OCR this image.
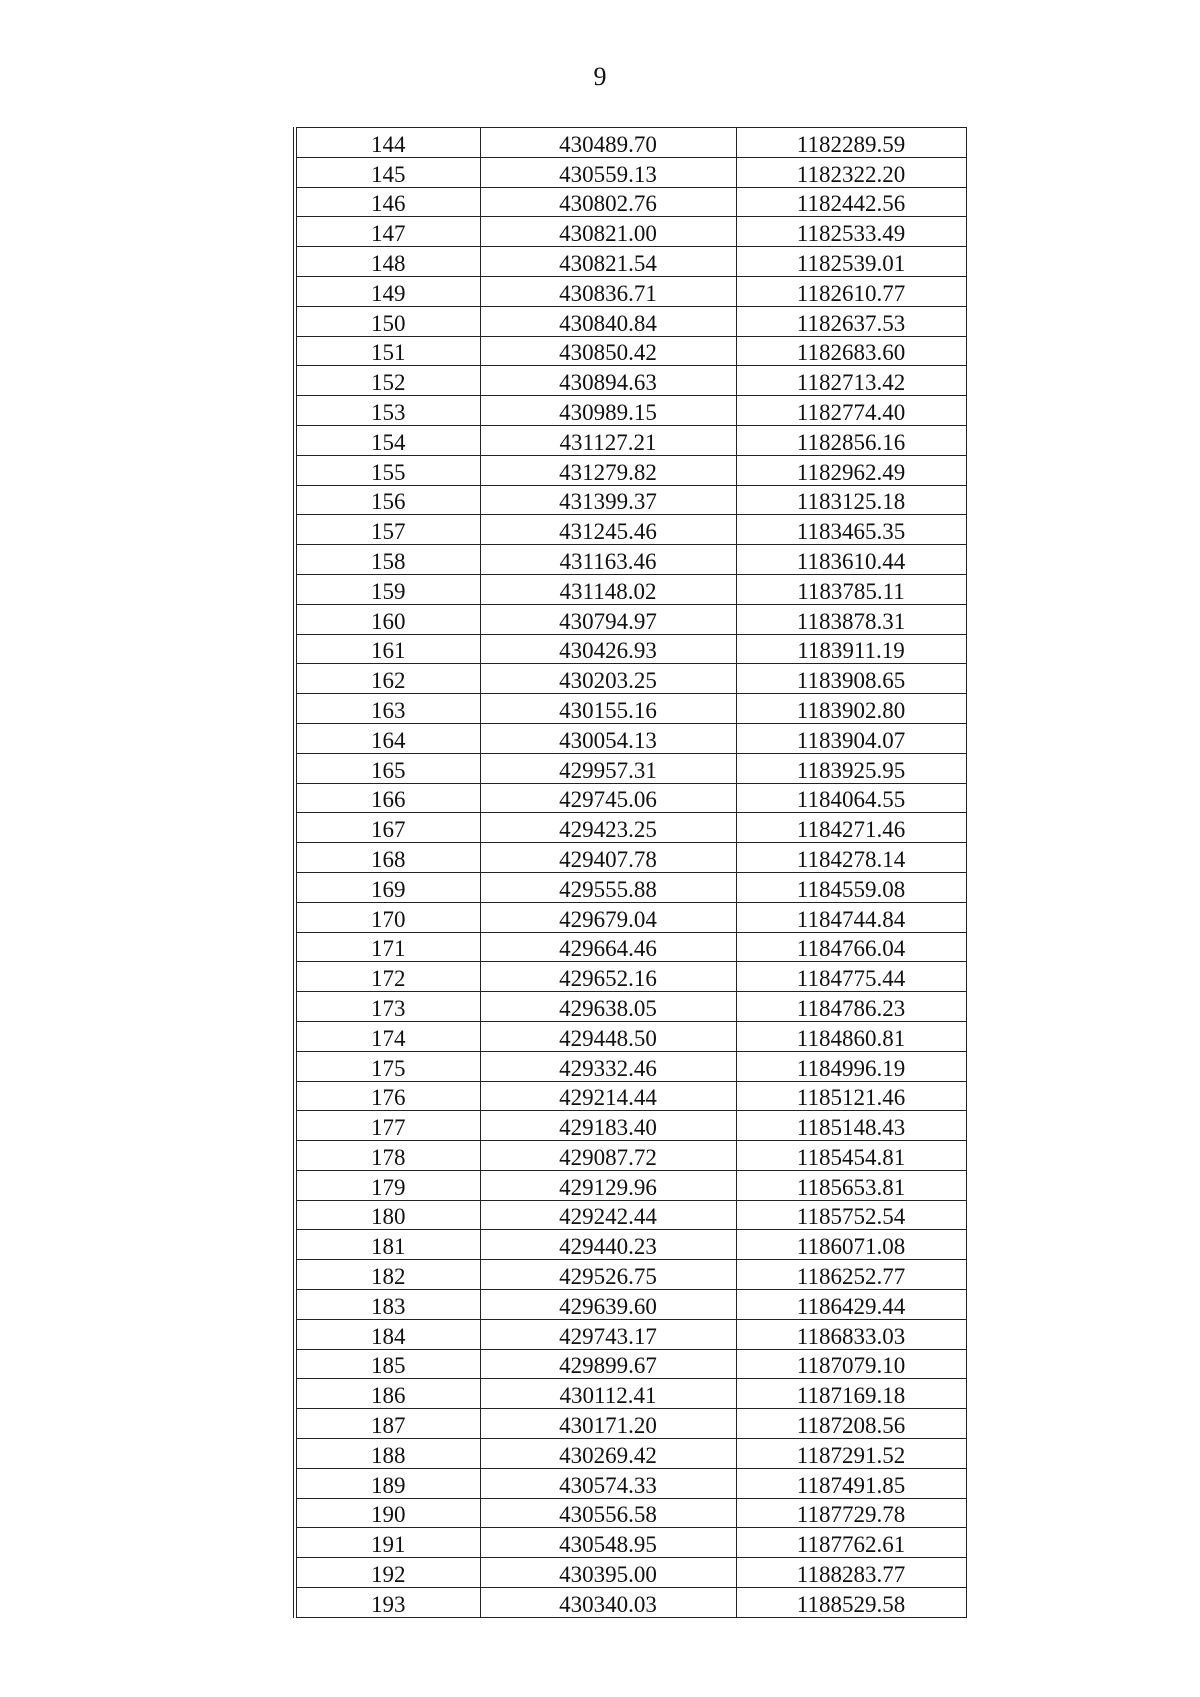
9
144	430489.70	1182289.59
145	430559.13	1182322.20
146	430802.76	1182442.56
147	430821.00	1182533.49
148	430821.54	1182539.01
149	430836.71	1182610.77
150	430840.84	1182637.53
151	430850.42	1182683.60
152	430894.63	1182713.42
153	430989.15	1182774.40
154	431127.21	1182856.16
155	431279.82	1182962.49
156	431399.37	1183125.18
157	431245.46	1183465.35
158	431163.46	1183610.44
159	431148.02	1183785.11
160	430794.97	1183878.31
161	430426.93	1183911.19
162	430203.25	1183908.65
163	430155.16	1183902.80
164	430054.13	1183904.07
165	429957.31	1183925.95
166	429745.06	1184064.55
167	429423.25	1184271.46
168	429407.78	1184278.14
169	429555.88	1184559.08
170	429679.04	1184744.84
171	429664.46	1184766.04
172	429652.16	1184775.44
173	429638.05	1184786.23
174	429448.50	1184860.81
175	429332.46	1184996.19
176	429214.44	1185121.46
177	429183.40	1185148.43
178	429087.72	1185454.81
179	429129.96	1185653.81
180	429242.44	1185752.54
181	429440.23	1186071.08
182	429526.75	1186252.77
183	429639.60	1186429.44
184	429743.17	1186833.03
185	429899.67	1187079.10
186	430112.41	1187169.18
187	430171.20	1187208.56
188	430269.42	1187291.52
189	430574.33	1187491.85
190	430556.58	1187729.78
191	430548.95	1187762.61
192	430395.00	1188283.77
193	430340.03	1188529.58
